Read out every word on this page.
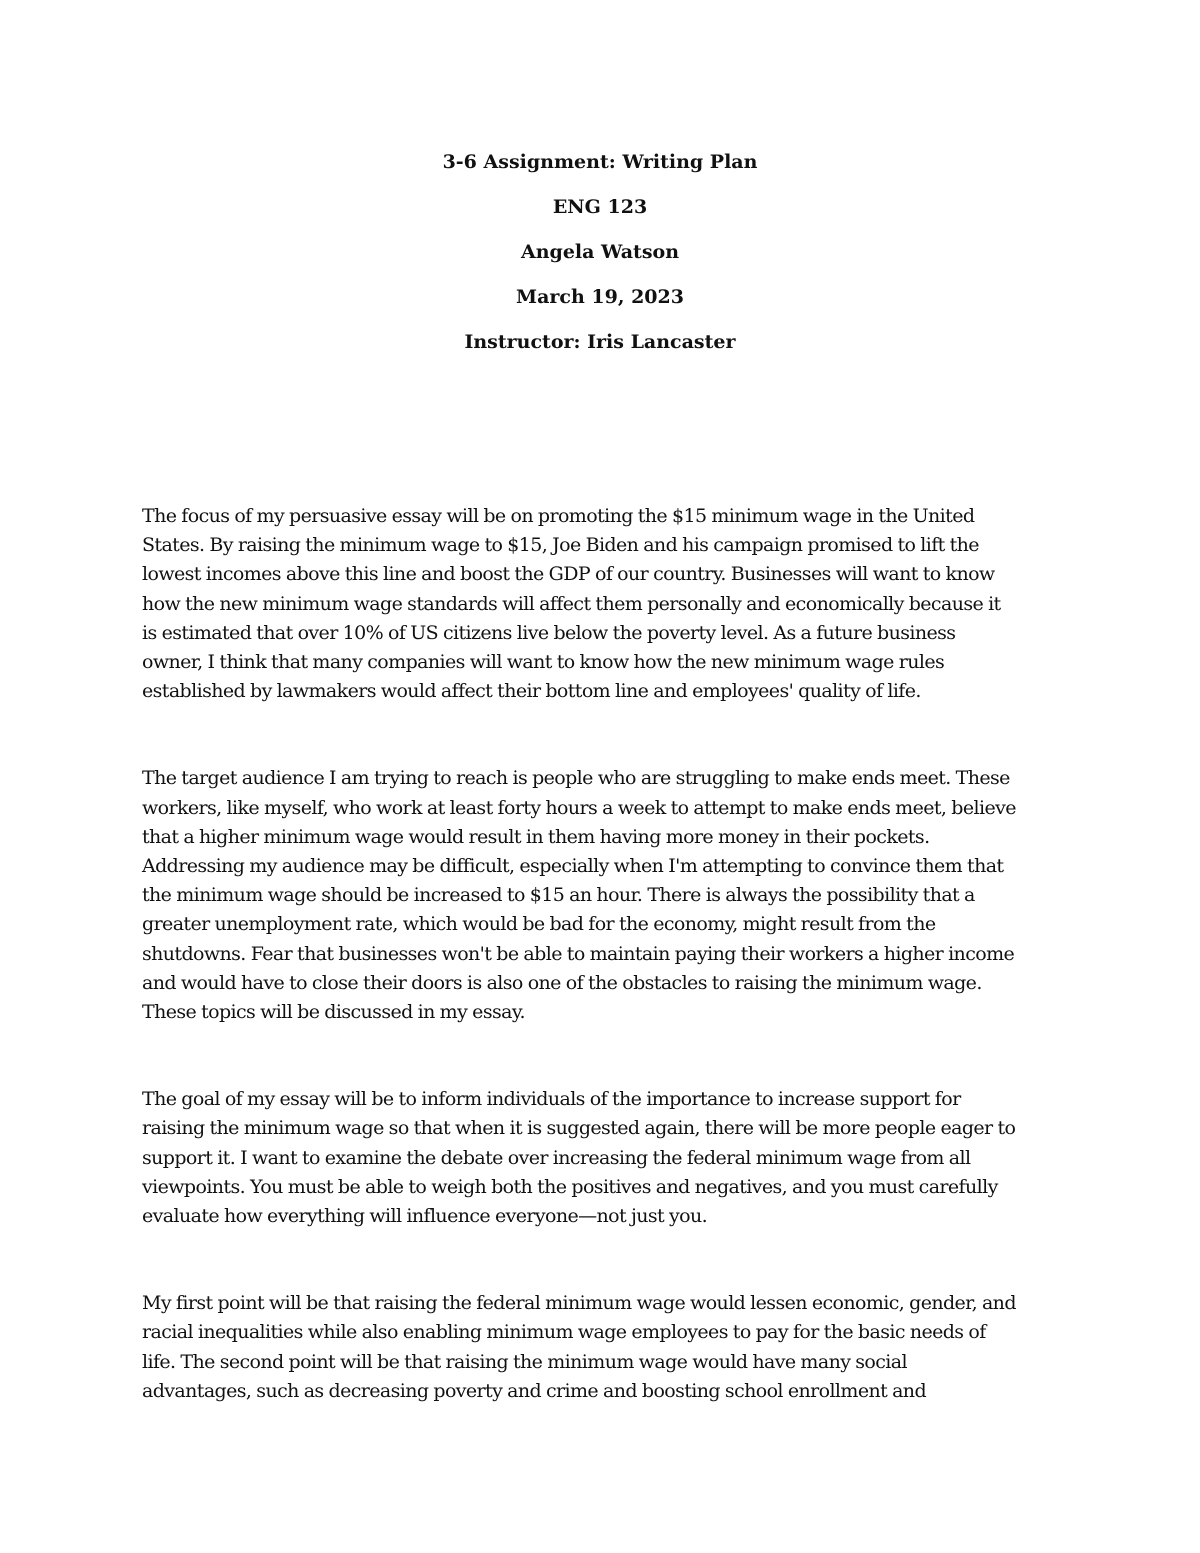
3-6 Assignment: Writing Plan

ENG 123

Angela Watson

March 19, 2023

Instructor: Iris Lancaster

The focus of my persuasive essay will be on promoting the $15 minimum wage in the United
States. By raising the minimum wage to $15, Joe Biden and his campaign promised to lift the
lowest incomes above this line and boost the GDP of our country. Businesses will want to know
how the new minimum wage standards will affect them personally and economically because it
is estimated that over 10% of US citizens live below the poverty level. As a future business
owner, I think that many companies will want to know how the new minimum wage rules
established by lawmakers would affect their bottom line and employees' quality of life.
The target audience I am trying to reach is people who are struggling to make ends meet. These
workers, like myself, who work at least forty hours a week to attempt to make ends meet, believe
that a higher minimum wage would result in them having more money in their pockets.
Addressing my audience may be difficult, especially when I'm attempting to convince them that
the minimum wage should be increased to $15 an hour. There is always the possibility that a
greater unemployment rate, which would be bad for the economy, might result from the
shutdowns. Fear that businesses won't be able to maintain paying their workers a higher income
and would have to close their doors is also one of the obstacles to raising the minimum wage.
These topics will be discussed in my essay.
The goal of my essay will be to inform individuals of the importance to increase support for
raising the minimum wage so that when it is suggested again, there will be more people eager to
support it. I want to examine the debate over increasing the federal minimum wage from all
viewpoints. You must be able to weigh both the positives and negatives, and you must carefully
evaluate how everything will influence everyone—not just you.
My first point will be that raising the federal minimum wage would lessen economic, gender, and
racial inequalities while also enabling minimum wage employees to pay for the basic needs of
life. The second point will be that raising the minimum wage would have many social
advantages, such as decreasing poverty and crime and boosting school enrollment and
